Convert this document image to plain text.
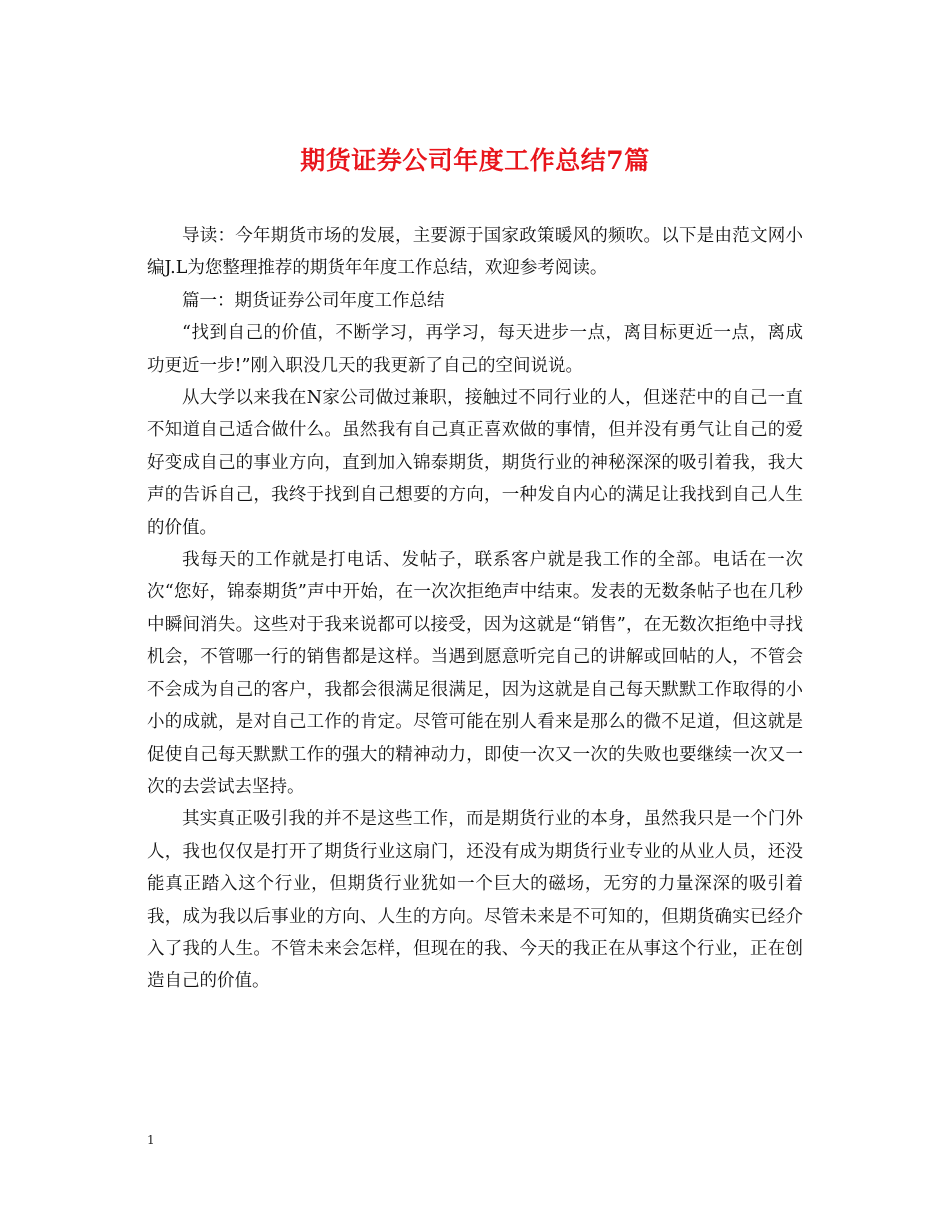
期货证券公司年度工作总结7篇

导读：今年期货市场的发展，主要源于国家政策暖风的频吹。以下是由范文网小编J.L为您整理推荐的期货年年度工作总结，欢迎参考阅读。

篇一：期货证券公司年度工作总结

“找到自己的价值，不断学习，再学习，每天进步一点，离目标更近一点，离成功更近一步!”刚入职没几天的我更新了自己的空间说说。

从大学以来我在N家公司做过兼职，接触过不同行业的人，但迷茫中的自己一直不知道自己适合做什么。虽然我有自己真正喜欢做的事情，但并没有勇气让自己的爱好变成自己的事业方向，直到加入锦泰期货，期货行业的神秘深深的吸引着我，我大声的告诉自己，我终于找到自己想要的方向，一种发自内心的满足让我找到自己人生的价值。

我每天的工作就是打电话、发帖子，联系客户就是我工作的全部。电话在一次次“您好，锦泰期货”声中开始，在一次次拒绝声中结束。发表的无数条帖子也在几秒中瞬间消失。这些对于我来说都可以接受，因为这就是“销售”，在无数次拒绝中寻找机会，不管哪一行的销售都是这样。当遇到愿意听完自己的讲解或回帖的人，不管会不会成为自己的客户，我都会很满足很满足，因为这就是自己每天默默工作取得的小小的成就，是对自己工作的肯定。尽管可能在别人看来是那么的微不足道，但这就是促使自己每天默默工作的强大的精神动力，即使一次又一次的失败也要继续一次又一次的去尝试去坚持。

其实真正吸引我的并不是这些工作，而是期货行业的本身，虽然我只是一个门外人，我也仅仅是打开了期货行业这扇门，还没有成为期货行业专业的从业人员，还没能真正踏入这个行业，但期货行业犹如一个巨大的磁场，无穷的力量深深的吸引着我，成为我以后事业的方向、人生的方向。尽管未来是不可知的，但期货确实已经介入了我的人生。不管未来会怎样，但现在的我、今天的我正在从事这个行业，正在创造自己的价值。

1
